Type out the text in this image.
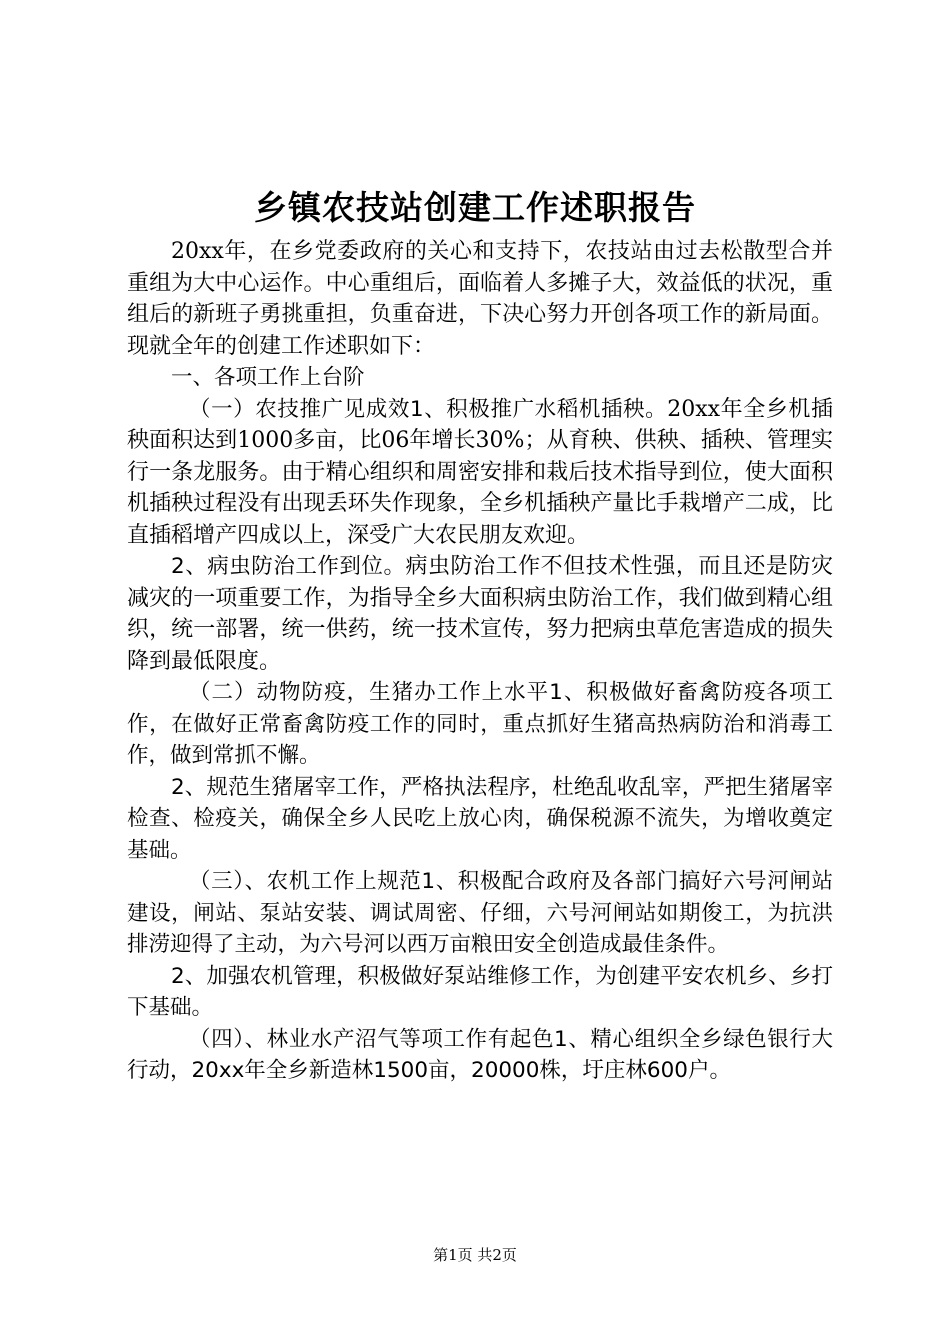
乡镇农技站创建工作述职报告

20xx年，在乡党委政府的关心和支持下，农技站由过去松散型合并重组为大中心运作。中心重组后，面临着人多摊子大，效益低的状况，重组后的新班子勇挑重担，负重奋进，下决心努力开创各项工作的新局面。现就全年的创建工作述职如下：

一、各项工作上台阶

（一）农技推广见成效1、积极推广水稻机插秧。20xx年全乡机插秧面积达到1000多亩，比06年增长30%；从育秧、供秧、插秧、管理实行一条龙服务。由于精心组织和周密安排和栽后技术指导到位，使大面积机插秧过程没有出现丢环失作现象，全乡机插秧产量比手栽增产二成，比直插稻增产四成以上，深受广大农民朋友欢迎。

2、病虫防治工作到位。病虫防治工作不但技术性强，而且还是防灾减灾的一项重要工作，为指导全乡大面积病虫防治工作，我们做到精心组织，统一部署，统一供药，统一技术宣传，努力把病虫草危害造成的损失降到最低限度。

（二）动物防疫，生猪办工作上水平1、积极做好畜禽防疫各项工作，在做好正常畜禽防疫工作的同时，重点抓好生猪高热病防治和消毒工作，做到常抓不懈。

2、规范生猪屠宰工作，严格执法程序，杜绝乱收乱宰，严把生猪屠宰检查、检疫关，确保全乡人民吃上放心肉，确保税源不流失，为增收奠定基础。

（三）、农机工作上规范1、积极配合政府及各部门搞好六号河闸站建设，闸站、泵站安装、调试周密、仔细，六号河闸站如期俊工，为抗洪排涝迎得了主动，为六号河以西万亩粮田安全创造成最佳条件。

2、加强农机管理，积极做好泵站维修工作，为创建平安农机乡、乡打下基础。

（四）、林业水产沼气等项工作有起色1、精心组织全乡绿色银行大行动，20xx年全乡新造林1500亩，20000株，圩庄林600户。

第1页 共2页
